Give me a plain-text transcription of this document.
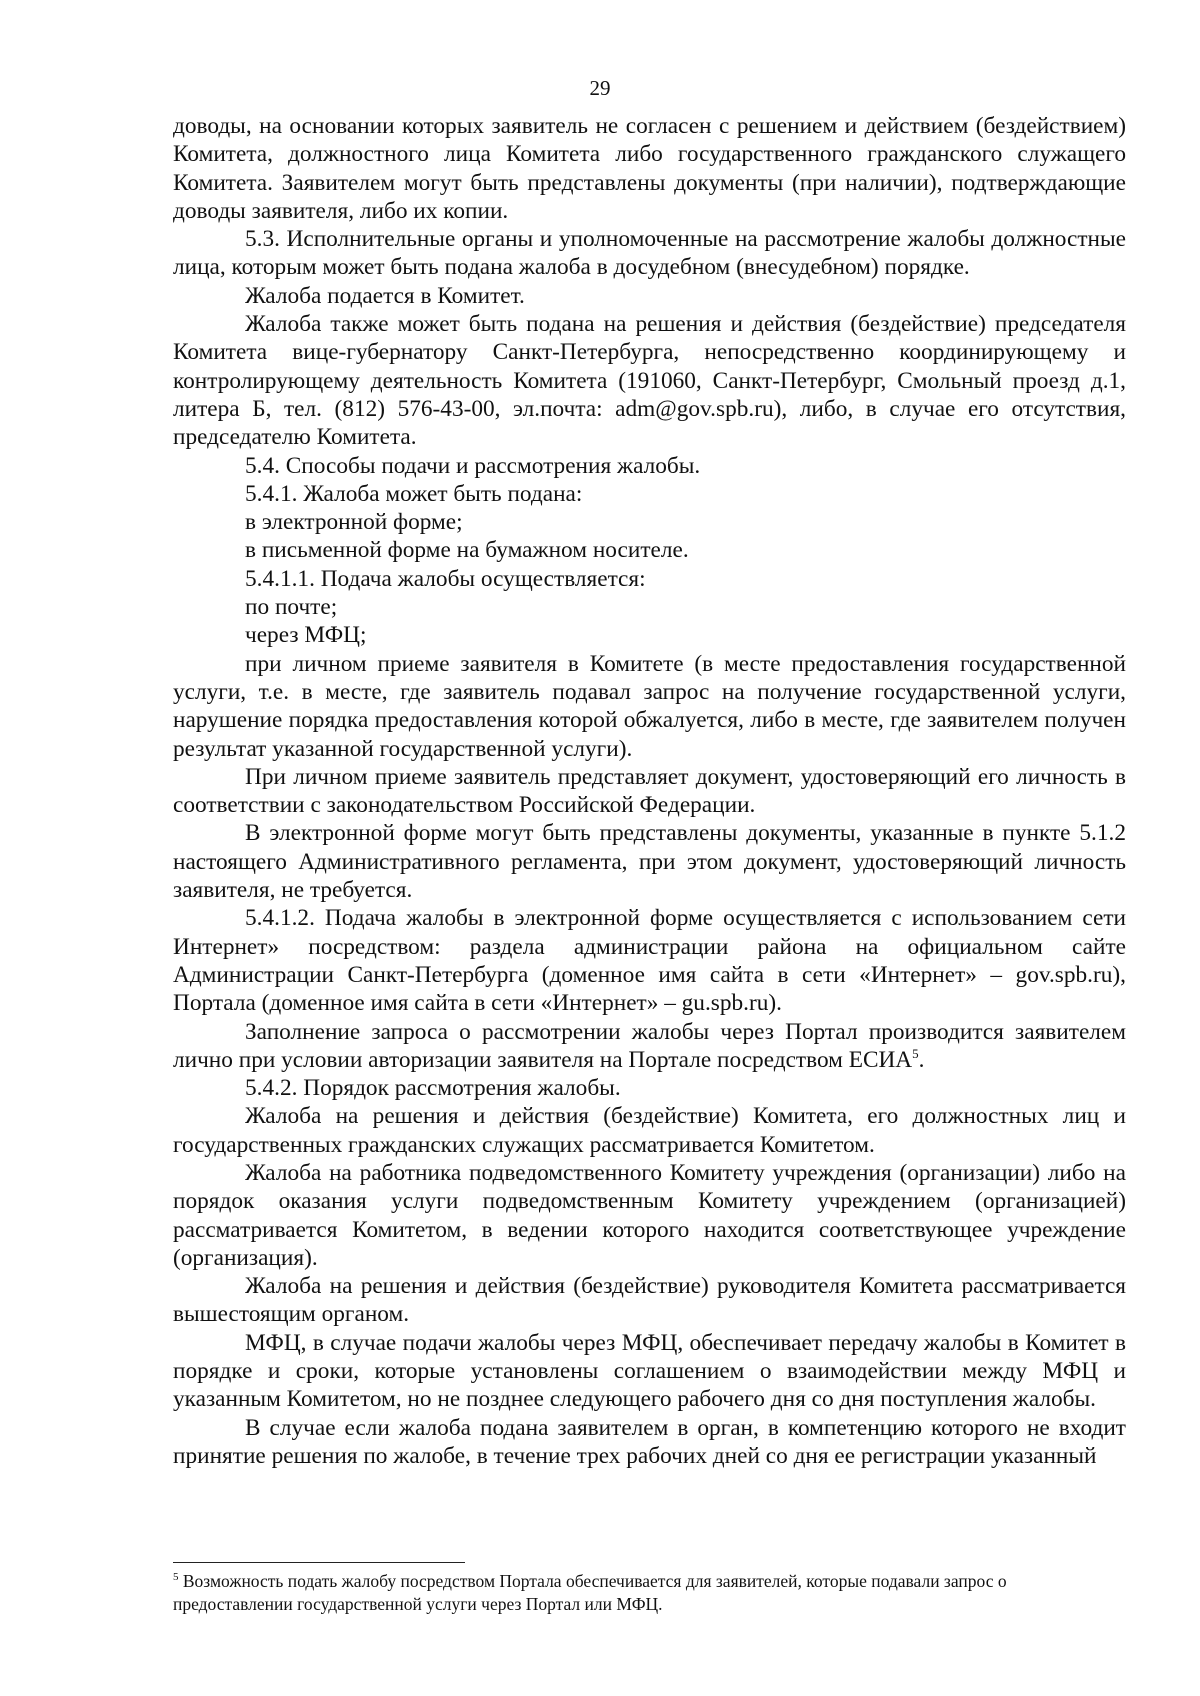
29

доводы, на основании которых заявитель не согласен с решением и действием (бездействием) Комитета, должностного лица Комитета либо государственного гражданского служащего Комитета. Заявителем могут быть представлены документы (при наличии), подтверждающие доводы заявителя, либо их копии.

5.3. Исполнительные органы и уполномоченные на рассмотрение жалобы должностные лица, которым может быть подана жалоба в досудебном (внесудебном) порядке.

Жалоба подается в Комитет.

Жалоба также может быть подана на решения и действия (бездействие) председателя Комитета вице-губернатору Санкт-Петербурга, непосредственно координирующему и контролирующему деятельность Комитета (191060, Санкт-Петербург, Смольный проезд д.1, литера Б, тел. (812) 576-43-00, эл.почта: adm@gov.spb.ru), либо, в случае его отсутствия, председателю Комитета.

5.4. Способы подачи и рассмотрения жалобы.

5.4.1. Жалоба может быть подана:

в электронной форме;

в письменной форме на бумажном носителе.

5.4.1.1. Подача жалобы осуществляется:

по почте;

через МФЦ;

при личном приеме заявителя в Комитете (в месте предоставления государственной услуги, т.е. в месте, где заявитель подавал запрос на получение государственной услуги, нарушение порядка предоставления которой обжалуется, либо в месте, где заявителем получен результат указанной государственной услуги).

При личном приеме заявитель представляет документ, удостоверяющий его личность в соответствии с законодательством Российской Федерации.

В электронной форме могут быть представлены документы, указанные в пункте 5.1.2 настоящего Административного регламента, при этом документ, удостоверяющий личность заявителя, не требуется.

5.4.1.2. Подача жалобы в электронной форме осуществляется с использованием сети Интернет» посредством: раздела администрации района на официальном сайте Администрации Санкт-Петербурга (доменное имя сайта в сети «Интернет» – gov.spb.ru), Портала (доменное имя сайта в сети «Интернет» – gu.spb.ru).

Заполнение запроса о рассмотрении жалобы через Портал производится заявителем лично при условии авторизации заявителя на Портале посредством ЕСИА$^5$.

5.4.2. Порядок рассмотрения жалобы.

Жалоба на решения и действия (бездействие) Комитета, его должностных лиц и государственных гражданских служащих рассматривается Комитетом.

Жалоба на работника подведомственного Комитету учреждения (организации) либо на порядок оказания услуги подведомственным Комитету учреждением (организацией) рассматривается Комитетом, в ведении которого находится соответствующее учреждение (организация).

Жалоба на решения и действия (бездействие) руководителя Комитета рассматривается вышестоящим органом.

МФЦ, в случае подачи жалобы через МФЦ, обеспечивает передачу жалобы в Комитет в порядке и сроки, которые установлены соглашением о взаимодействии между МФЦ и указанным Комитетом, но не позднее следующего рабочего дня со дня поступления жалобы.

В случае если жалоба подана заявителем в орган, в компетенцию которого не входит принятие решения по жалобе, в течение трех рабочих дней со дня ее регистрации указанный

$^5$ Возможность подать жалобу посредством Портала обеспечивается для заявителей, которые подавали запрос о предоставлении государственной услуги через Портал или МФЦ.
